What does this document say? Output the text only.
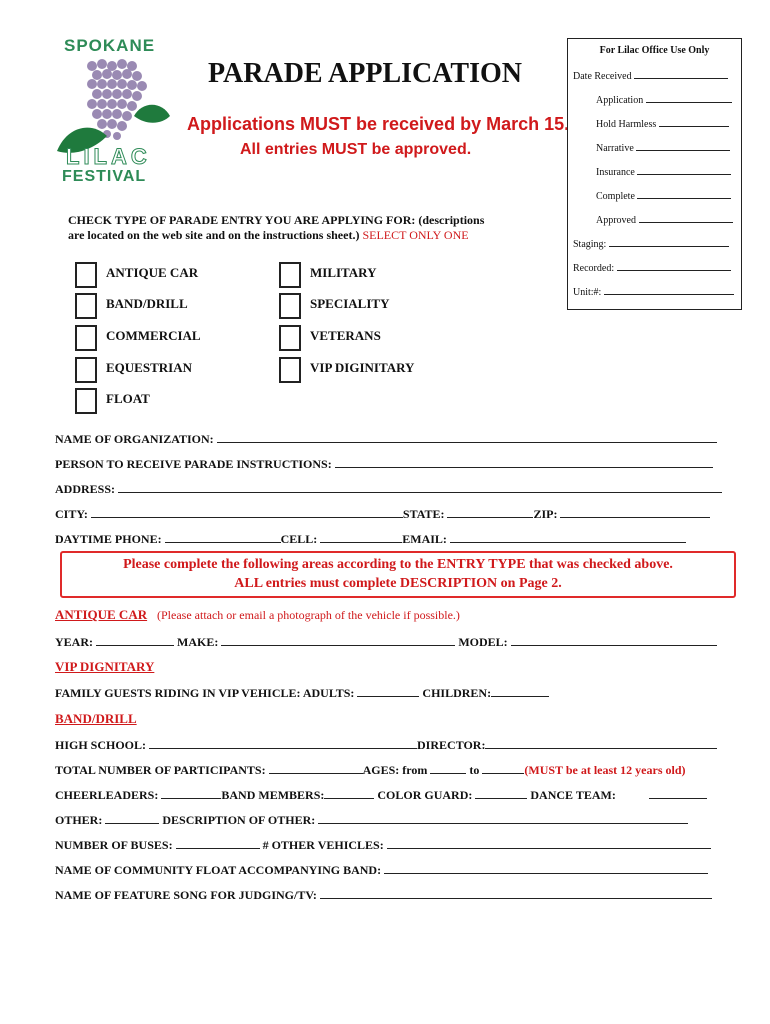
SPOKANE
LILAC
FESTIVAL
PARADE APPLICATION
Applications MUST be received by March 15.
All entries MUST be approved.
For Lilac Office Use Only
Date Received
Application
Hold Harmless
Narrative
Insurance
Complete
Approved
Staging:
Recorded:
Unit:#:
CHECK TYPE OF PARADE ENTRY YOU ARE APPLYING FOR: (descriptions
are located on the web site and on the instructions sheet.) SELECT ONLY ONE
ANTIQUE CAR
BAND/DRILL
COMMERCIAL
EQUESTRIAN
FLOAT
MILITARY
SPECIALITY
VETERANS
VIP DIGINITARY
NAME OF ORGANIZATION:
PERSON TO RECEIVE PARADE INSTRUCTIONS:
ADDRESS:
CITY:	STATE:	ZIP:
DAYTIME PHONE:	CELL:	EMAIL:
Please complete the following areas according to the ENTRY TYPE that was checked above.
ALL entries must complete DESCRIPTION on Page 2.
ANTIQUE CAR (Please attach or email a photograph of the vehicle if possible.)
YEAR:	MAKE:	MODEL:
VIP DIGNITARY
FAMILY GUESTS RIDING IN VIP VEHICLE: ADULTS:	CHILDREN:
BAND/DRILL
HIGH SCHOOL:	DIRECTOR:
TOTAL NUMBER OF PARTICIPANTS:	AGES: from	to	(MUST be at least 12 years old)
CHEERLEADERS:	BAND MEMBERS:	COLOR GUARD:	DANCE TEAM:
OTHER:	DESCRIPTION OF OTHER:
NUMBER OF BUSES:	# OTHER VEHICLES:
NAME OF COMMUNITY FLOAT ACCOMPANYING BAND:
NAME OF FEATURE SONG FOR JUDGING/TV:
